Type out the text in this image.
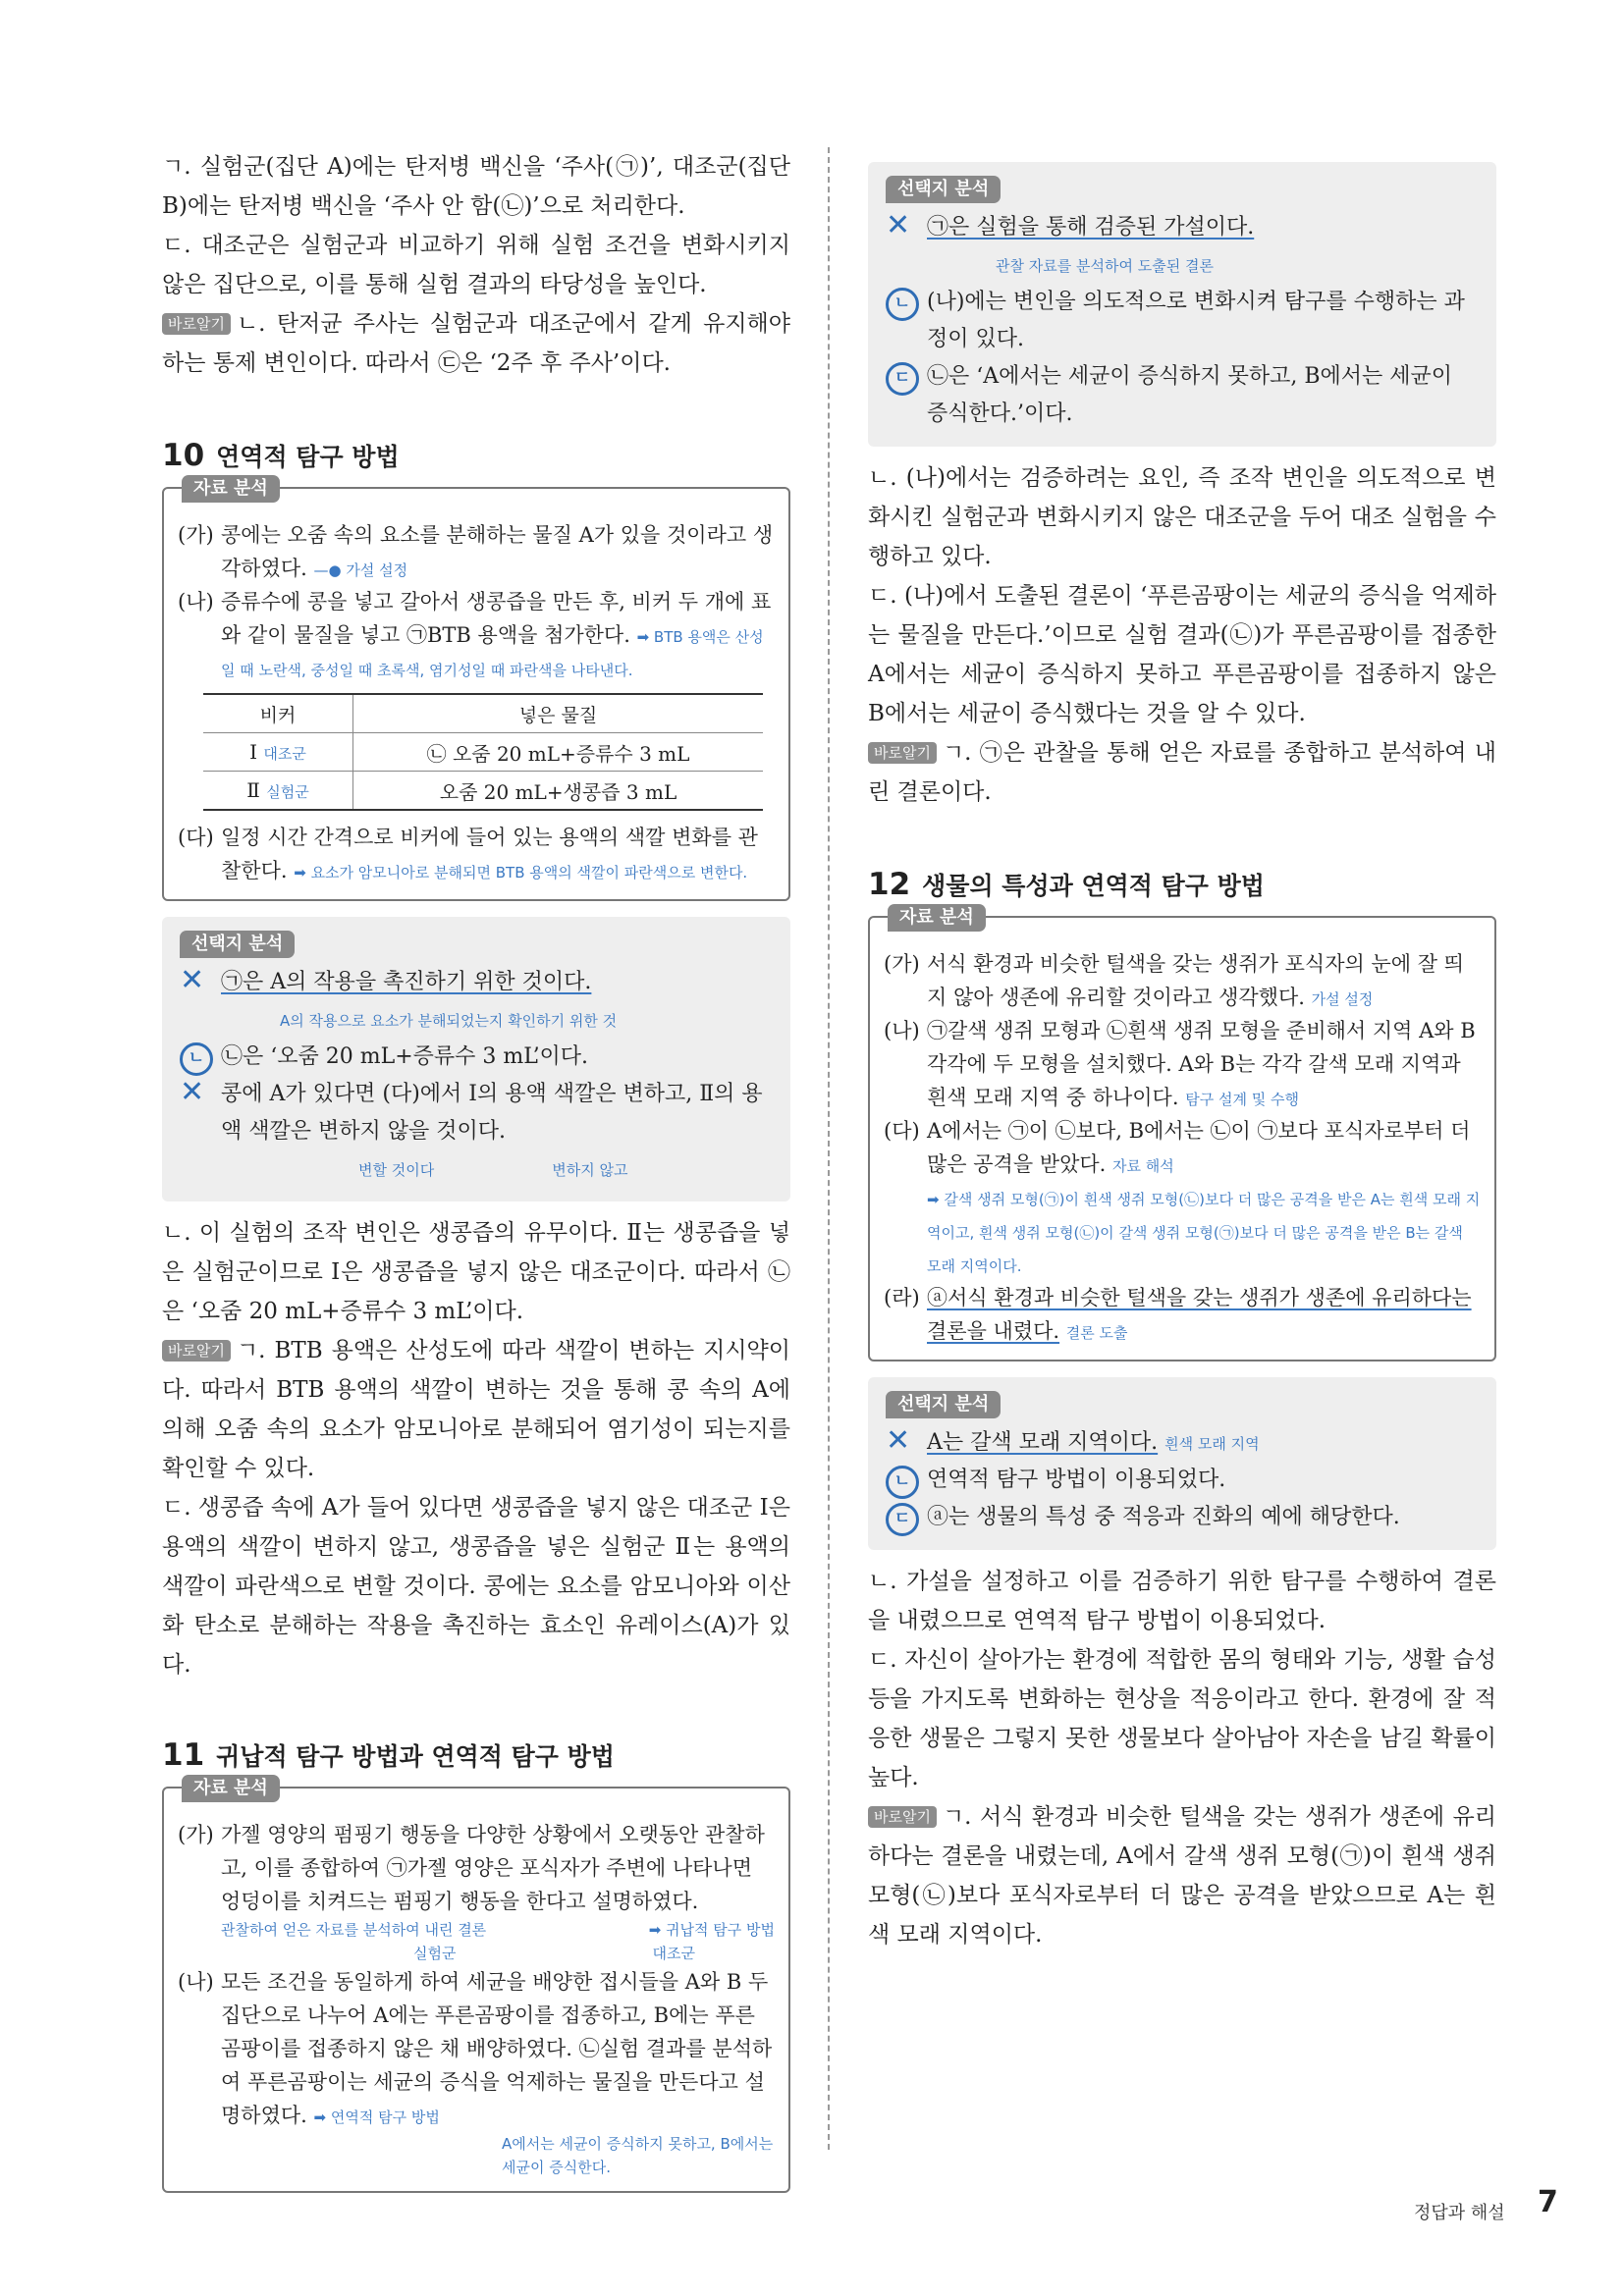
ㄱ. 실험군(집단 A)에는 탄저병 백신을 ‘주사(㉠)’, 대조군(집단 B)에는 탄저병 백신을 ‘주사 안 함(㉡)’으로 처리한다.

ㄷ. 대조군은 실험군과 비교하기 위해 실험 조건을 변화시키지 않은 집단으로, 이를 통해 실험 결과의 타당성을 높인다.

바로알기 ㄴ. 탄저균 주사는 실험군과 대조군에서 같게 유지해야 하는 통제 변인이다. 따라서 ㉢은 ‘2주 후 주사’이다.

10 연역적 탐구 방법
자료 분석
(가) 콩에는 오줌 속의 요소를 분해하는 물질 A가 있을 것이라고 생각하였다. —● 가설 설정
(나) 증류수에 콩을 넣고 갈아서 생콩즙을 만든 후, 비커 두 개에 표와 같이 물질을 넣고 ㉠BTB 용액을 첨가한다. ➡ BTB 용액은 산성일 때 노란색, 중성일 때 초록색, 염기성일 때 파란색을 나타낸다.
비커	넣은 물질
Ⅰ 대조군	㉡ 오줌 20 mL+증류수 3 mL
Ⅱ 실험군	오줌 20 mL+생콩즙 3 mL
(다) 일정 시간 간격으로 비커에 들어 있는 용액의 색깔 변화를 관찰한다. ➡ 요소가 암모니아로 분해되면 BTB 용액의 색깔이 파란색으로 변한다.
선택지 분석
✕ ㉠은 A의 작용을 촉진하기 위한 것이다.
A의 작용으로 요소가 분해되었는지 확인하기 위한 것
ㄴ ㉡은 ‘오줌 20 mL+증류수 3 mL’이다.
✕ 콩에 A가 있다면 (다)에서 Ⅰ의 용액 색깔은 변하고, Ⅱ의 용액 색깔은 변하지 않을 것이다.
변할 것이다	변하지 않고

ㄴ. 이 실험의 조작 변인은 생콩즙의 유무이다. Ⅱ는 생콩즙을 넣은 실험군이므로 Ⅰ은 생콩즙을 넣지 않은 대조군이다. 따라서 ㉡은 ‘오줌 20 mL+증류수 3 mL’이다.

바로알기 ㄱ. BTB 용액은 산성도에 따라 색깔이 변하는 지시약이다. 따라서 BTB 용액의 색깔이 변하는 것을 통해 콩 속의 A에 의해 오줌 속의 요소가 암모니아로 분해되어 염기성이 되는지를 확인할 수 있다.

ㄷ. 생콩즙 속에 A가 들어 있다면 생콩즙을 넣지 않은 대조군 Ⅰ은 용액의 색깔이 변하지 않고, 생콩즙을 넣은 실험군 Ⅱ는 용액의 색깔이 파란색으로 변할 것이다. 콩에는 요소를 암모니아와 이산화 탄소로 분해하는 작용을 촉진하는 효소인 유레이스(A)가 있다.

11 귀납적 탐구 방법과 연역적 탐구 방법
자료 분석
(가) 가젤 영양의 펌핑기 행동을 다양한 상황에서 오랫동안 관찰하고, 이를 종합하여 ㉠가젤 영양은 포식자가 주변에 나타나면 엉덩이를 치켜드는 펌핑기 행동을 한다고 설명하였다.
관찰하여 얻은 자료를 분석하여 내린 결론	➡ 귀납적 탐구 방법
실험군	대조군
(나) 모든 조건을 동일하게 하여 세균을 배양한 접시들을 A와 B 두 집단으로 나누어 A에는 푸른곰팡이를 접종하고, B에는 푸른곰팡이를 접종하지 않은 채 배양하였다. ㉡실험 결과를 분석하여 푸른곰팡이는 세균의 증식을 억제하는 물질을 만든다고 설명하였다. ➡ 연역적 탐구 방법
A에서는 세균이 증식하지 못하고, B에서는 세균이 증식한다.
선택지 분석
✕ ㉠은 실험을 통해 검증된 가설이다.
관찰 자료를 분석하여 도출된 결론
ㄴ (나)에는 변인을 의도적으로 변화시켜 탐구를 수행하는 과정이 있다.
ㄷ ㉡은 ‘A에서는 세균이 증식하지 못하고, B에서는 세균이 증식한다.’이다.

ㄴ. (나)에서는 검증하려는 요인, 즉 조작 변인을 의도적으로 변화시킨 실험군과 변화시키지 않은 대조군을 두어 대조 실험을 수행하고 있다.

ㄷ. (나)에서 도출된 결론이 ‘푸른곰팡이는 세균의 증식을 억제하는 물질을 만든다.’이므로 실험 결과(㉡)가 푸른곰팡이를 접종한 A에서는 세균이 증식하지 못하고 푸른곰팡이를 접종하지 않은 B에서는 세균이 증식했다는 것을 알 수 있다.

바로알기 ㄱ. ㉠은 관찰을 통해 얻은 자료를 종합하고 분석하여 내린 결론이다.

12 생물의 특성과 연역적 탐구 방법
자료 분석
(가) 서식 환경과 비슷한 털색을 갖는 생쥐가 포식자의 눈에 잘 띄지 않아 생존에 유리할 것이라고 생각했다. 가설 설정
(나) ㉠갈색 생쥐 모형과 ㉡흰색 생쥐 모형을 준비해서 지역 A와 B 각각에 두 모형을 설치했다. A와 B는 각각 갈색 모래 지역과 흰색 모래 지역 중 하나이다. 탐구 설계 및 수행
(다) A에서는 ㉠이 ㉡보다, B에서는 ㉡이 ㉠보다 포식자로부터 더 많은 공격을 받았다. 자료 해석
➡ 갈색 생쥐 모형(㉠)이 흰색 생쥐 모형(㉡)보다 더 많은 공격을 받은 A는 흰색 모래 지역이고, 흰색 생쥐 모형(㉡)이 갈색 생쥐 모형(㉠)보다 더 많은 공격을 받은 B는 갈색 모래 지역이다.
(라) ⓐ서식 환경과 비슷한 털색을 갖는 생쥐가 생존에 유리하다는 결론을 내렸다. 결론 도출
선택지 분석
✕ A는 갈색 모래 지역이다. 흰색 모래 지역
ㄴ 연역적 탐구 방법이 이용되었다.
ㄷ ⓐ는 생물의 특성 중 적응과 진화의 예에 해당한다.

ㄴ. 가설을 설정하고 이를 검증하기 위한 탐구를 수행하여 결론을 내렸으므로 연역적 탐구 방법이 이용되었다.

ㄷ. 자신이 살아가는 환경에 적합한 몸의 형태와 기능, 생활 습성 등을 가지도록 변화하는 현상을 적응이라고 한다. 환경에 잘 적응한 생물은 그렇지 못한 생물보다 살아남아 자손을 남길 확률이 높다.

바로알기 ㄱ. 서식 환경과 비슷한 털색을 갖는 생쥐가 생존에 유리하다는 결론을 내렸는데, A에서 갈색 생쥐 모형(㉠)이 흰색 생쥐 모형(㉡)보다 포식자로부터 더 많은 공격을 받았으므로 A는 흰색 모래 지역이다.

정답과 해설 7
